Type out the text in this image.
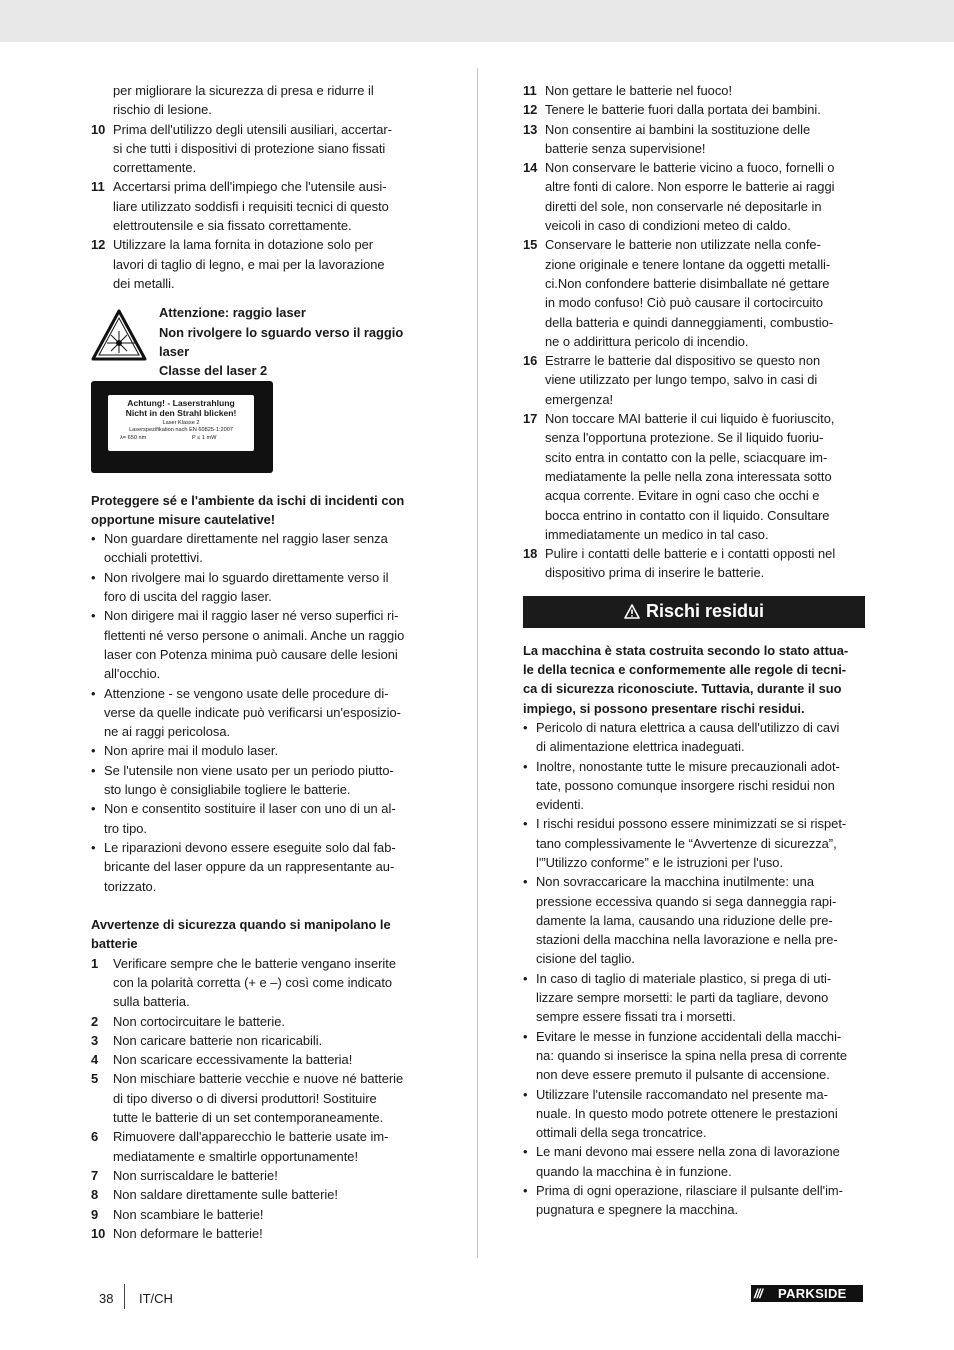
per migliorare la sicurezza di presa e ridurre il
rischio di lesione.
10 Prima dell'utilizzo degli utensili ausiliari, accertar-
si che tutti i dispositivi di protezione siano fissati
correttamente.
11 Accertarsi prima dell'impiego che l'utensile ausi-
liare utilizzato soddisfi i requisiti tecnici di questo
elettroutensile e sia fissato correttamente.
12 Utilizzare la lama fornita in dotazione solo per
lavori di taglio di legno, e mai per la lavorazione
dei metalli.
Attenzione: raggio laser
Non rivolgere lo sguardo verso il raggio
laser
Classe del laser 2
Achtung! - Laserstrahlung
Nicht in den Strahl blicken!
Laser Klasse 2
Laserspezifikation nach EN 60825-1:2007
λ= 650 nm	P ≤ 1 mW
Proteggere sé e l'ambiente da ischi di incidenti con
opportune misure cautelative!
• Non guardare direttamente nel raggio laser senza
occhiali protettivi.
• Non rivolgere mai lo sguardo direttamente verso il
foro di uscita del raggio laser.
• Non dirigere mai il raggio laser né verso superfici ri-
flettenti né verso persone o animali. Anche un raggio
laser con Potenza minima può causare delle lesioni
all'occhio.
• Attenzione - se vengono usate delle procedure di-
verse da quelle indicate può verificarsi un'esposizio-
ne ai raggi pericolosa.
• Non aprire mai il modulo laser.
• Se l'utensile non viene usato per un periodo piutto-
sto lungo è consigliabile togliere le batterie.
• Non e consentito sostituire il laser con uno di un al-
tro tipo.
• Le riparazioni devono essere eseguite solo dal fab-
bricante del laser oppure da un rappresentante au-
torizzato.
Avvertenze di sicurezza quando si manipolano le
batterie
1	Verificare sempre che le batterie vengano inserite
con la polarità corretta (+ e –) così come indicato
sulla batteria.
2	Non cortocircuitare le batterie.
3	Non caricare batterie non ricaricabili.
4	Non scaricare eccessivamente la batteria!
5	Non mischiare batterie vecchie e nuove né batterie
di tipo diverso o di diversi produttori! Sostituire
tutte le batterie di un set contemporaneamente.
6	Rimuovere dall'apparecchio le batterie usate im-
mediatamente e smaltirle opportunamente!
7	Non surriscaldare le batterie!
8	Non saldare direttamente sulle batterie!
9	Non scambiare le batterie!
10 Non deformare le batterie!
11 Non gettare le batterie nel fuoco!
12 Tenere le batterie fuori dalla portata dei bambini.
13 Non consentire ai bambini la sostituzione delle
batterie senza supervisione!
14 Non conservare le batterie vicino a fuoco, fornelli o
altre fonti di calore. Non esporre le batterie ai raggi
diretti del sole, non conservarle né depositarle in
veicoli in caso di condizioni meteo di caldo.
15 Conservare le batterie non utilizzate nella confe-
zione originale e tenere lontane da oggetti metalli-
ci.Non confondere batterie disimballate né gettare
in modo confuso! Ciò può causare il cortocircuito
della batteria e quindi danneggiamenti, combustio-
ne o addirittura pericolo di incendio.
16 Estrarre le batterie dal dispositivo se questo non
viene utilizzato per lungo tempo, salvo in casi di
emergenza!
17 Non toccare MAI batterie il cui liquido è fuoriuscito,
senza l'opportuna protezione. Se il liquido fuoriu-
scito entra in contatto con la pelle, sciacquare im-
mediatamente la pelle nella zona interessata sotto
acqua corrente. Evitare in ogni caso che occhi e
bocca entrino in contatto con il liquido. Consultare
immediatamente un medico in tal caso.
18 Pulire i contatti delle batterie e i contatti opposti nel
dispositivo prima di inserire le batterie.
Rischi residui
La macchina è stata costruita secondo lo stato attua-
le della tecnica e conformemente alle regole di tecni-
ca di sicurezza riconosciute. Tuttavia, durante il suo
impiego, si possono presentare rischi residui.
• Pericolo di natura elettrica a causa dell'utilizzo di cavi
di alimentazione elettrica inadeguati.
• Inoltre, nonostante tutte le misure precauzionali adot-
tate, possono comunque insorgere rischi residui non
evidenti.
• I rischi residui possono essere minimizzati se si rispet-
tano complessivamente le “Avvertenze di sicurezza”,
l'”Utilizzo conforme” e le istruzioni per l'uso.
• Non sovraccaricare la macchina inutilmente: una
pressione eccessiva quando si sega danneggia rapi-
damente la lama, causando una riduzione delle pre-
stazioni della macchina nella lavorazione e nella pre-
cisione del taglio.
• In caso di taglio di materiale plastico, si prega di uti-
lizzare sempre morsetti: le parti da tagliare, devono
sempre essere fissati tra i morsetti.
• Evitare le messe in funzione accidentali della macchi-
na: quando si inserisce la spina nella presa di corrente
non deve essere premuto il pulsante di accensione.
• Utilizzare l'utensile raccomandato nel presente ma-
nuale. In questo modo potrete ottenere le prestazioni
ottimali della sega troncatrice.
• Le mani devono mai essere nella zona di lavorazione
quando la macchina è in funzione.
• Prima di ogni operazione, rilasciare il pulsante dell'im-
pugnatura e spegnere la macchina.
38 IT/CH	///	PARKSIDE
